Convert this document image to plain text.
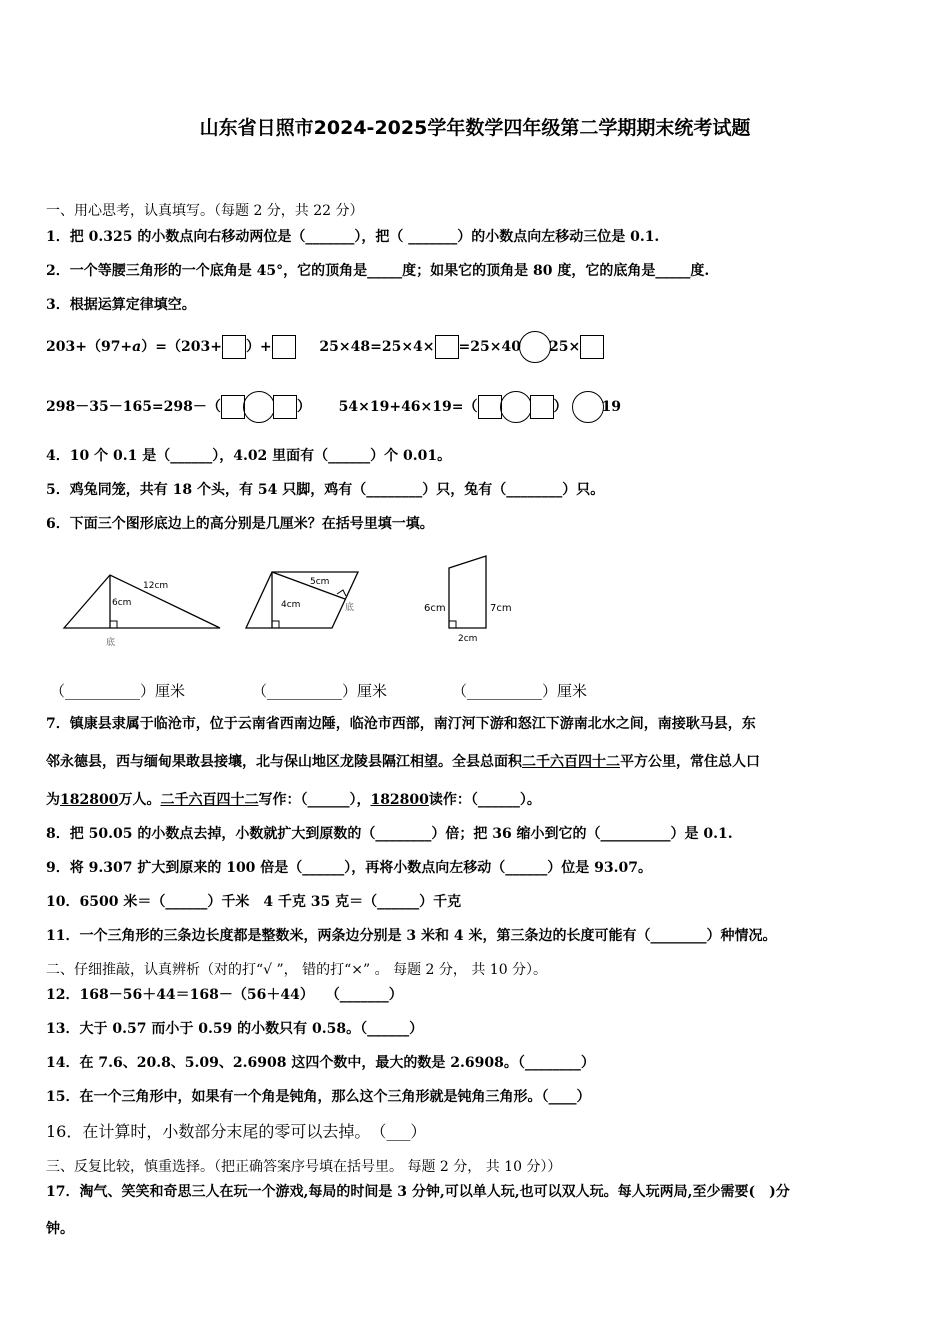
山东省日照市2024-2025学年数学四年级第二学期期末统考试题
一、用心思考，认真填写。（每题 2 分，共 22 分）
1．把 0.325 的小数点向右移动两位是（_______），把（ _______）的小数点向左移动三位是 0.1.
2．一个等腰三角形的一个底角是 45°，它的顶角是_____度；如果它的顶角是 80 度，它的底角是_____度.
3．根据运算定律填空。
203+（97+a）=（203+ ）+	25×48=25×4× =25×40 25×
298－35－165=298－（	） 54×19+46×19=（	） 19
4．10 个 0.1 是（______），4.02 里面有（______）个 0.01。
5．鸡兔同笼，共有 18 个头，有 54 只脚，鸡有（________）只，兔有（________）只。
6．下面三个图形底边上的高分别是几厘米？在括号里填一填。
12cm
6cm
底
5cm
4cm	底	6cm	7cm
2cm
（__________）厘米	（__________）厘米	（__________）厘米
7．镇康县隶属于临沧市，位于云南省西南边陲，临沧市西部，南汀河下游和怒江下游南北水之间，南接耿马县，东
邻永德县，西与缅甸果敢县接壤，北与保山地区龙陵县隔江相望。全县总面积二千六百四十二平方公里，常住总人口
为182800万人。二千六百四十二写作：（______），182800读作：（______）。
8．把 50.05 的小数点去掉，小数就扩大到原数的（________）倍；把 36 缩小到它的（__________）是 0.1.
9．将 9.307 扩大到原来的 100 倍是（______），再将小数点向左移动（______）位是 93.07。
10．6500 米＝（______）千米　4 千克 35 克＝（______）千克
11．一个三角形的三条边长度都是整数米，两条边分别是 3 米和 4 米，第三条边的长度可能有（________）种情况。
二、仔细推敲，认真辨析（对的打“√ ”， 错的打“×” 。 每题 2 分， 共 10 分）。
12．168－56＋44＝168－（56＋44）　 （_______）
13．大于 0.57 而小于 0.59 的小数只有 0.58。（______）
14．在 7.6、20.8、5.09、2.6908 这四个数中，最大的数是 2.6908。（________）
15．在一个三角形中，如果有一个角是钝角，那么这个三角形就是钝角三角形。（____）
16．在计算时，小数部分末尾的零可以去掉。　（___）
三、反复比较，慎重选择。（把正确答案序号填在括号里。 每题 2 分， 共 10 分））
17．淘气、笑笑和奇思三人在玩一个游戏,每局的时间是 3 分钟,可以单人玩,也可以双人玩。每人玩两局,至少需要(　)分
钟。
